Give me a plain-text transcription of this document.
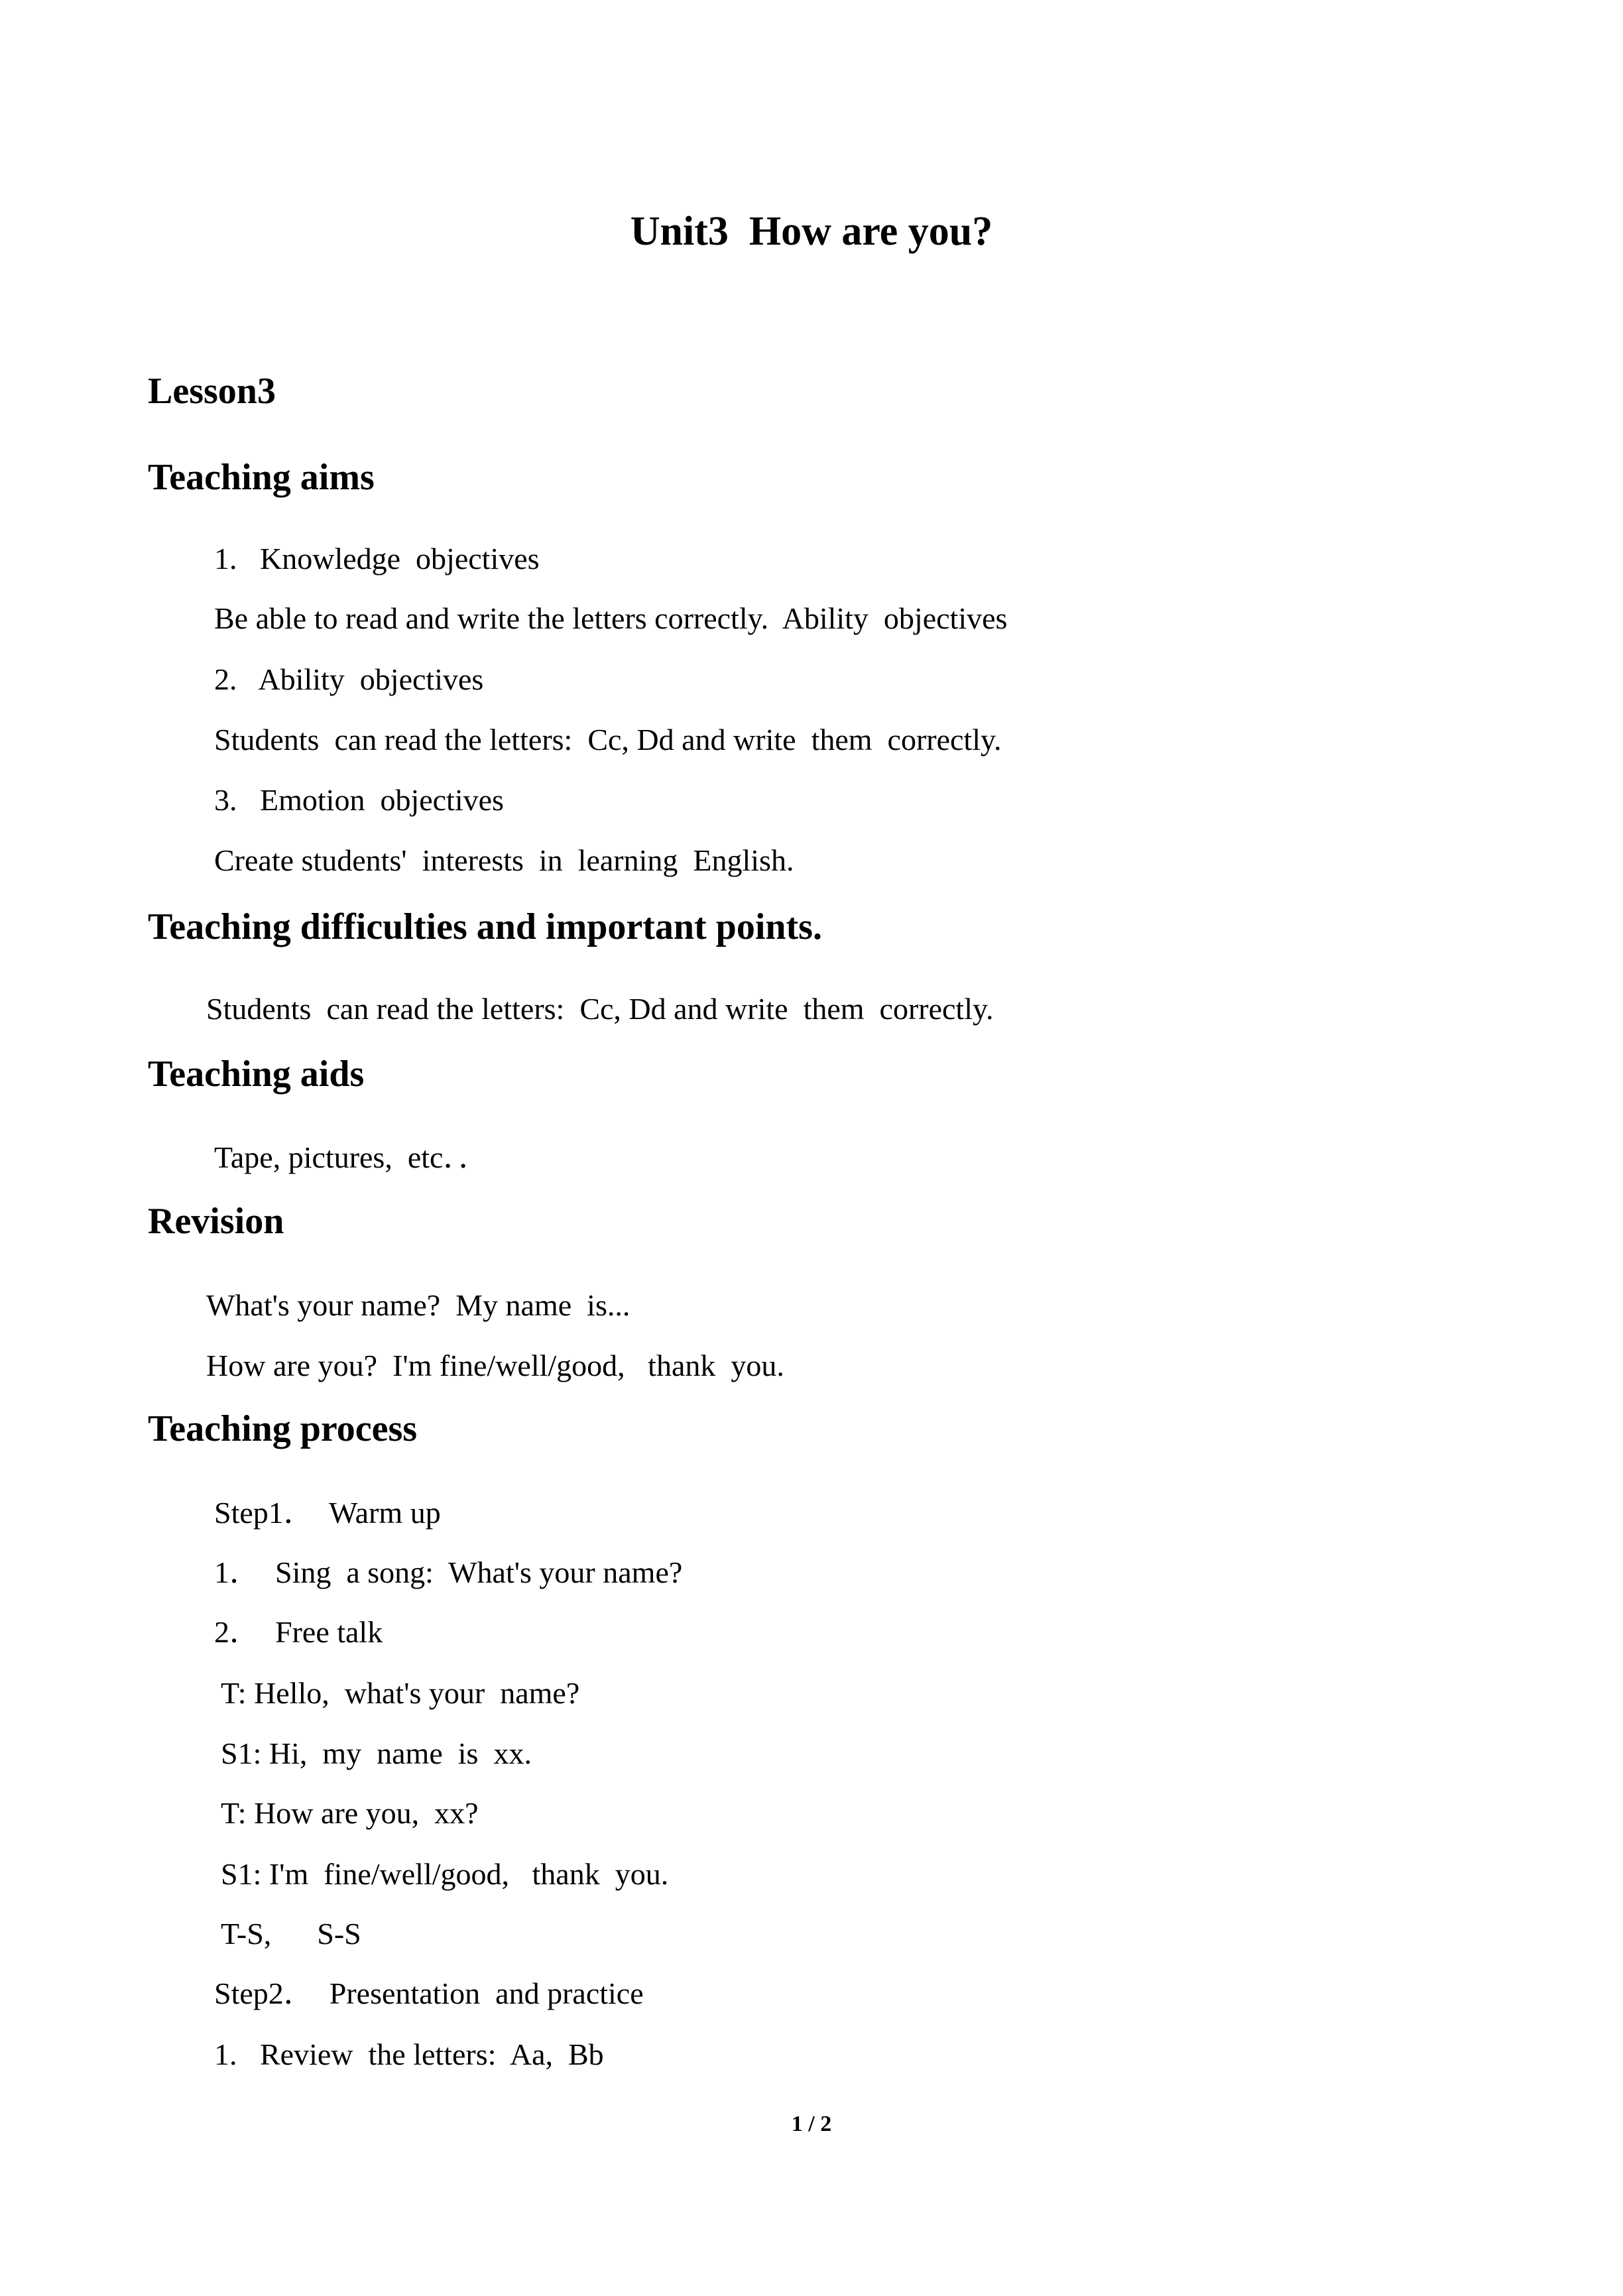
Unit3  How are you?
Lesson3
Teaching aims
1.   Knowledge  objectives
Be able to read and write the letters correctly.  Ability  objectives
2.   Ability  objectives
Students  can read the letters:  Cc, Dd and write  them  correctly.
3.   Emotion  objectives
Create students'  interests  in  learning  English.
Teaching difficulties and important points.
Students  can read the letters:  Cc, Dd and write  them  correctly.
Teaching aids
Tape, pictures,  etc．．
Revision
What's your name?  My name  is...
How are you?  I'm fine/well/good,   thank  you.
Teaching process
Step1．  Warm up
1．  Sing  a song:  What's your name?
2．  Free talk
T: Hello,  what's your  name?
S1: Hi,  my  name  is  xx.
T: How are you,  xx?
S1: I'm  fine/well/good,   thank  you.
T-S,      S-S
Step2．  Presentation  and practice
1.   Review  the letters:  Aa,  Bb
1 / 2
